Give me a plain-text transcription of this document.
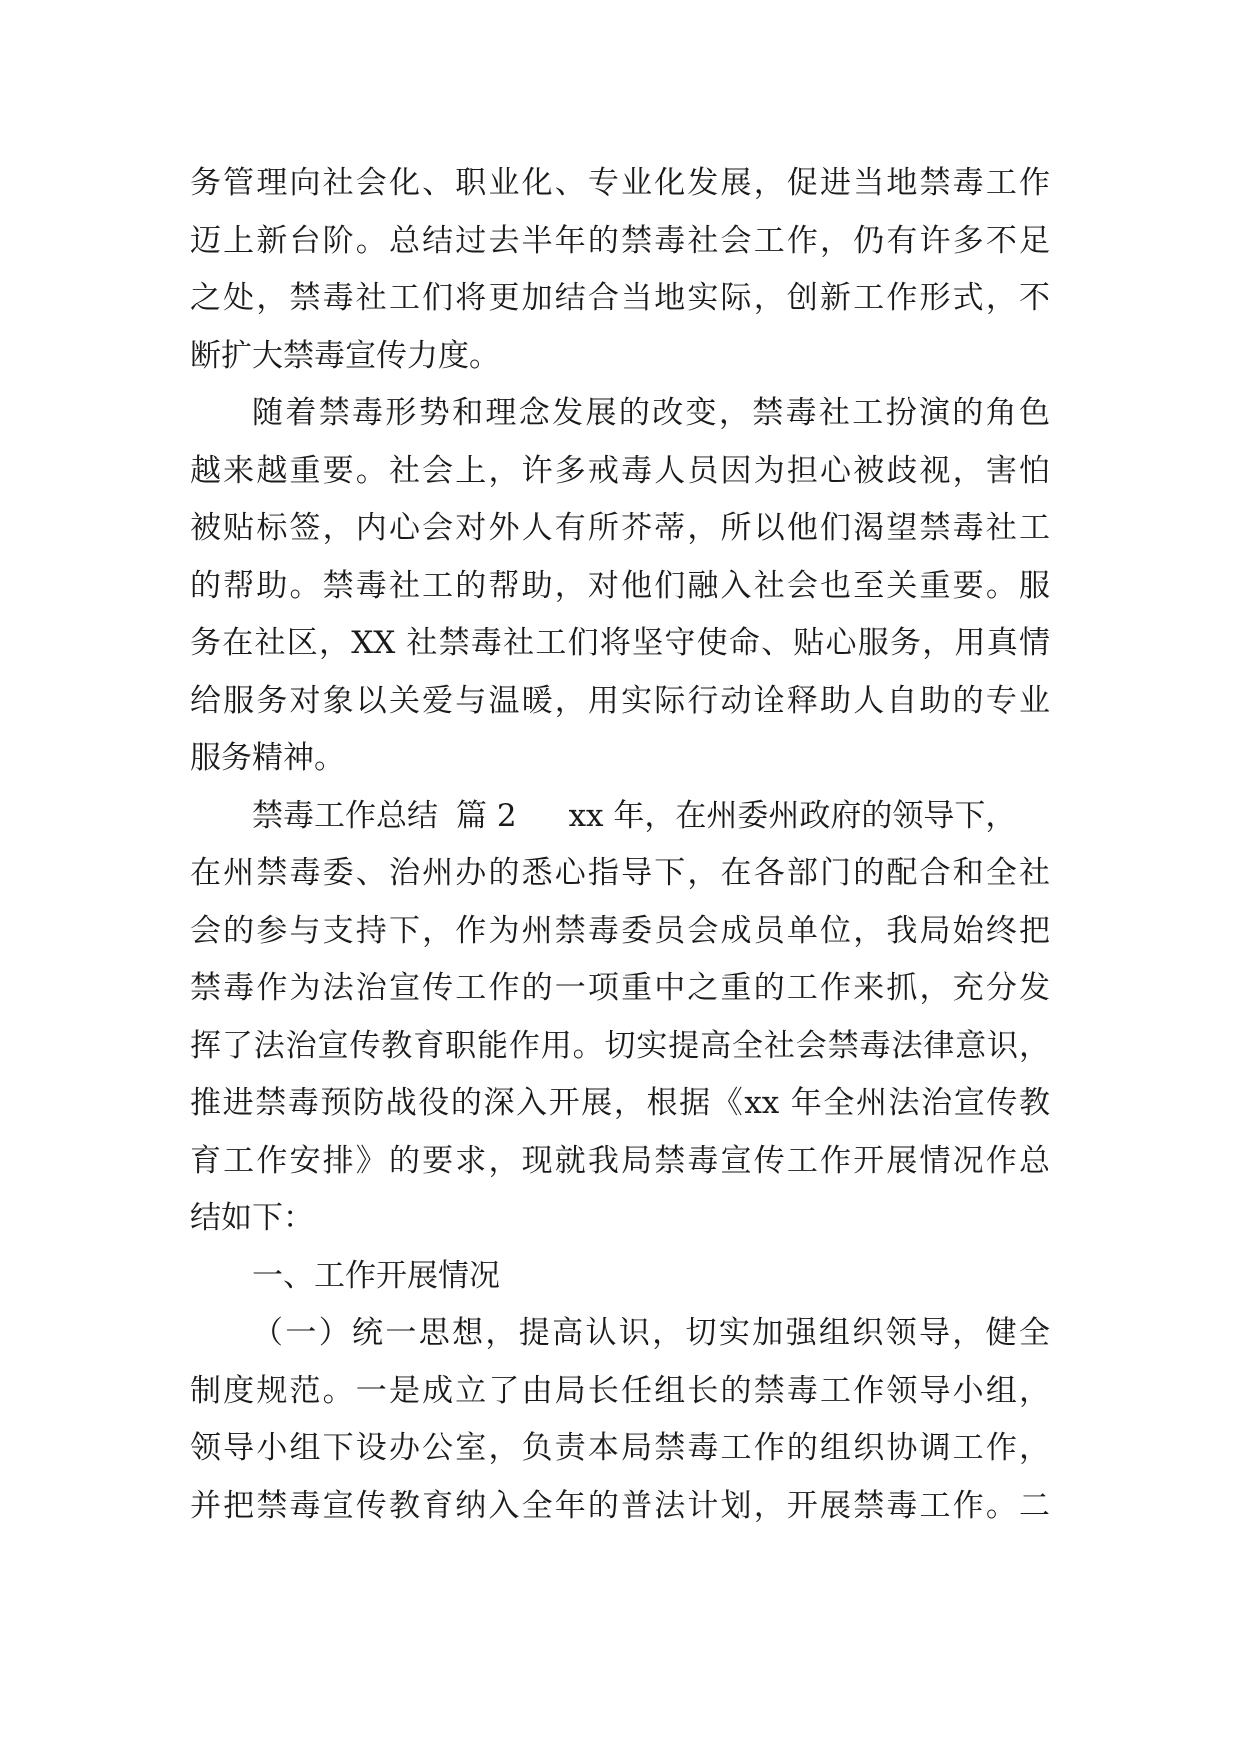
务管理向社会化、职业化、专业化发展，促进当地禁毒工作
迈上新台阶。总结过去半年的禁毒社会工作，仍有许多不足
之处，禁毒社工们将更加结合当地实际，创新工作形式，不
断扩大禁毒宣传力度。
随着禁毒形势和理念发展的改变，禁毒社工扮演的角色
越来越重要。社会上，许多戒毒人员因为担心被歧视，害怕
被贴标签，内心会对外人有所芥蒂，所以他们渴望禁毒社工
的帮助。禁毒社工的帮助，对他们融入社会也至关重要。服
务在社区，XX 社禁毒社工们将坚守使命、贴心服务，用真情
给服务对象以关爱与温暖，用实际行动诠释助人自助的专业
服务精神。
禁毒工作总结 篇 2 xx 年，在州委州政府的领导下，
在州禁毒委、治州办的悉心指导下，在各部门的配合和全社
会的参与支持下，作为州禁毒委员会成员单位，我局始终把
禁毒作为法治宣传工作的一项重中之重的工作来抓，充分发
挥了法治宣传教育职能作用。切实提高全社会禁毒法律意识，
推进禁毒预防战役的深入开展，根据《xx 年全州法治宣传教
育工作安排》的要求，现就我局禁毒宣传工作开展情况作总
结如下：
一、工作开展情况
（一）统一思想，提高认识，切实加强组织领导，健全
制度规范。一是成立了由局长任组长的禁毒工作领导小组，
领导小组下设办公室，负责本局禁毒工作的组织协调工作，
并把禁毒宣传教育纳入全年的普法计划，开展禁毒工作。二
